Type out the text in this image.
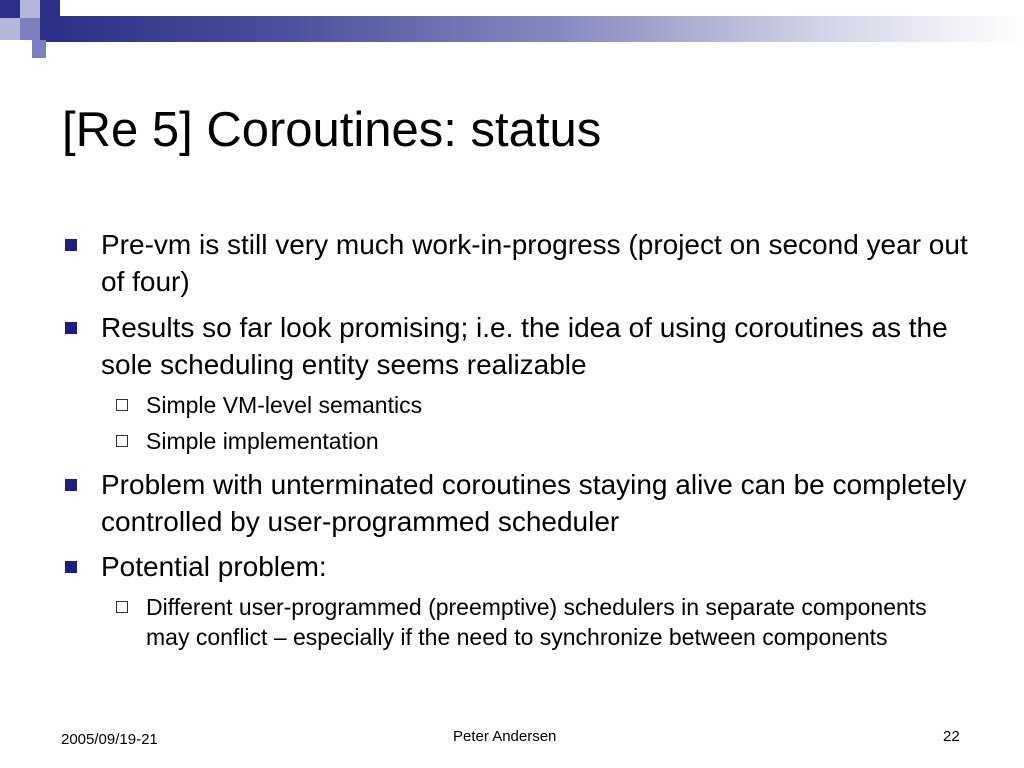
[Re 5] Coroutines: status
Pre-vm is still very much work-in-progress (project on second year out of four)
Results so far look promising; i.e. the idea of using coroutines as the sole scheduling entity seems realizable
Simple VM-level semantics
Simple implementation
Problem with unterminated coroutines staying alive can be completely controlled by user-programmed scheduler
Potential problem:
Different user-programmed (preemptive) schedulers in separate components may conflict – especially if the need to synchronize between components
2005/09/19-21	Peter Andersen	22
